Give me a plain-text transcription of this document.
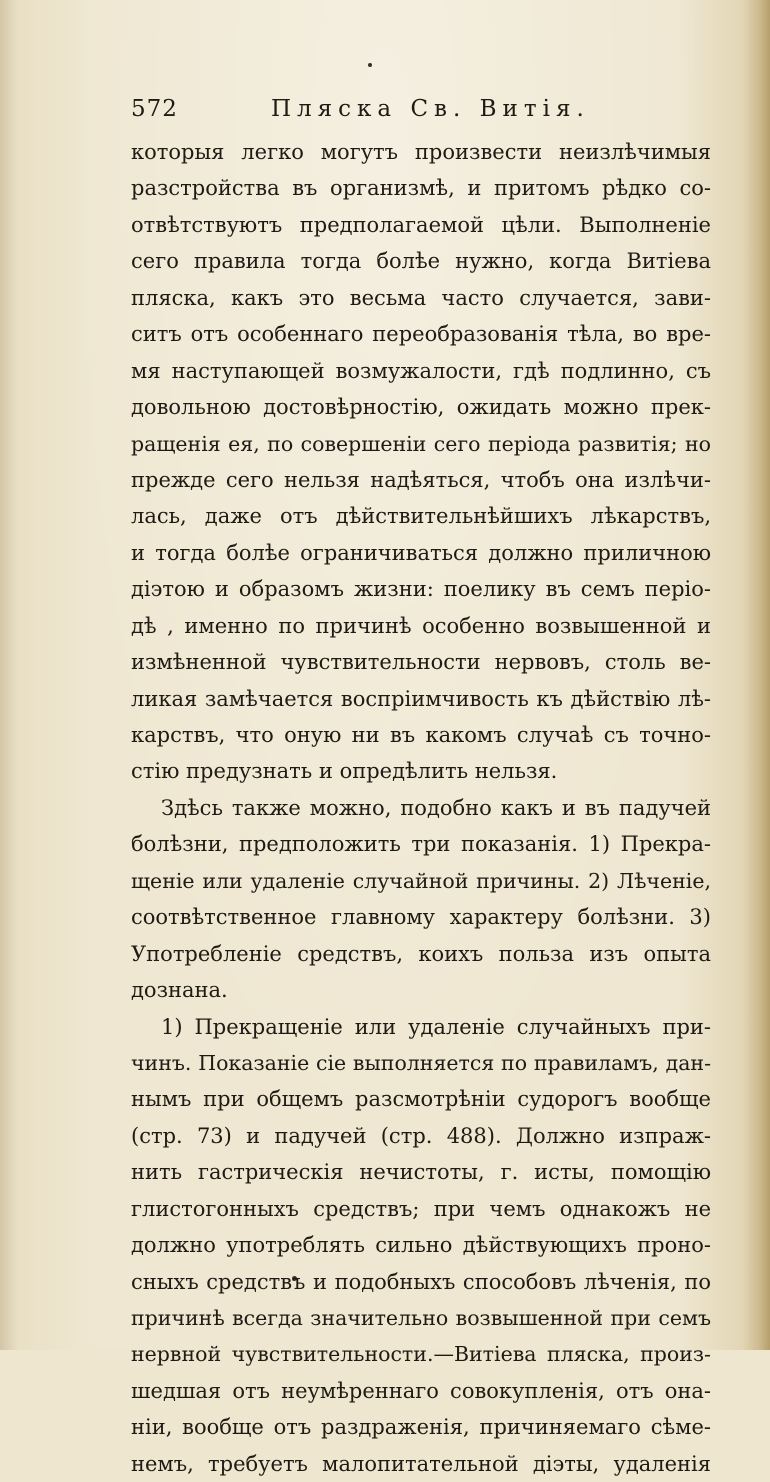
572	Пляска Св. Витія.
которыя легко могутъ произвести неизлѣчимыя
разстройства въ организмѣ, и притомъ рѣдко со-
отвѣтствуютъ предполагаемой цѣли. Выполненіе
сего правила тогда болѣе нужно, когда Витіева
пляска, какъ это весьма часто случается, зави-
ситъ отъ особеннаго переобразованія тѣла, во вре-
мя наступающей возмужалости, гдѣ подлинно, съ
довольною достовѣрностію, ожидать можно прек-
ращенія ея, по совершеніи сего періода развитія; но
прежде сего нельзя надѣяться, чтобъ она излѣчи-
лась, даже отъ дѣйствительнѣйшихъ лѣкарствъ,
и тогда болѣе ограничиваться должно приличною
діэтою и образомъ жизни: поелику въ семъ періо-
дѣ , именно по причинѣ особенно возвышенной и
измѣненной чувствительности нервовъ, столь ве-
ликая замѣчается воспріимчивость къ дѣйствію лѣ-
карствъ, что оную ни въ какомъ случаѣ съ точно-
стію предузнать и опредѣлить нельзя.
Здѣсь также можно, подобно какъ и въ падучей
болѣзни, предположить три показанія. 1) Прекра-
щеніе или удаленіе случайной причины. 2) Лѣченіе,
соотвѣтственное главному характеру болѣзни. 3)
Употребленіе средствъ, коихъ польза изъ опыта
дознана.
1) Прекращеніе или удаленіе случайныхъ при-
чинъ. Показаніе сіе выполняется по правиламъ, дан-
нымъ при общемъ разсмотрѣніи судорогъ вообще
(стр. 73) и падучей (стр. 488). Должно изпраж-
нить гастрическія нечистоты, г. исты, помощію
глистогонныхъ средствъ; при чемъ однакожъ не
должно употреблять сильно дѣйствующихъ проно-
сныхъ средствъ и подобныхъ способовъ лѣченія, по
причинѣ всегда значительно возвышенной при семъ
нервной чувствительности.—Витіева пляска, произ-
шедшая отъ неумѣреннаго совокупленія, отъ она-
ніи, вообще отъ раздраженія, причиняемаго сѣме-
немъ, требуетъ малопитательной діэты, удаленія
